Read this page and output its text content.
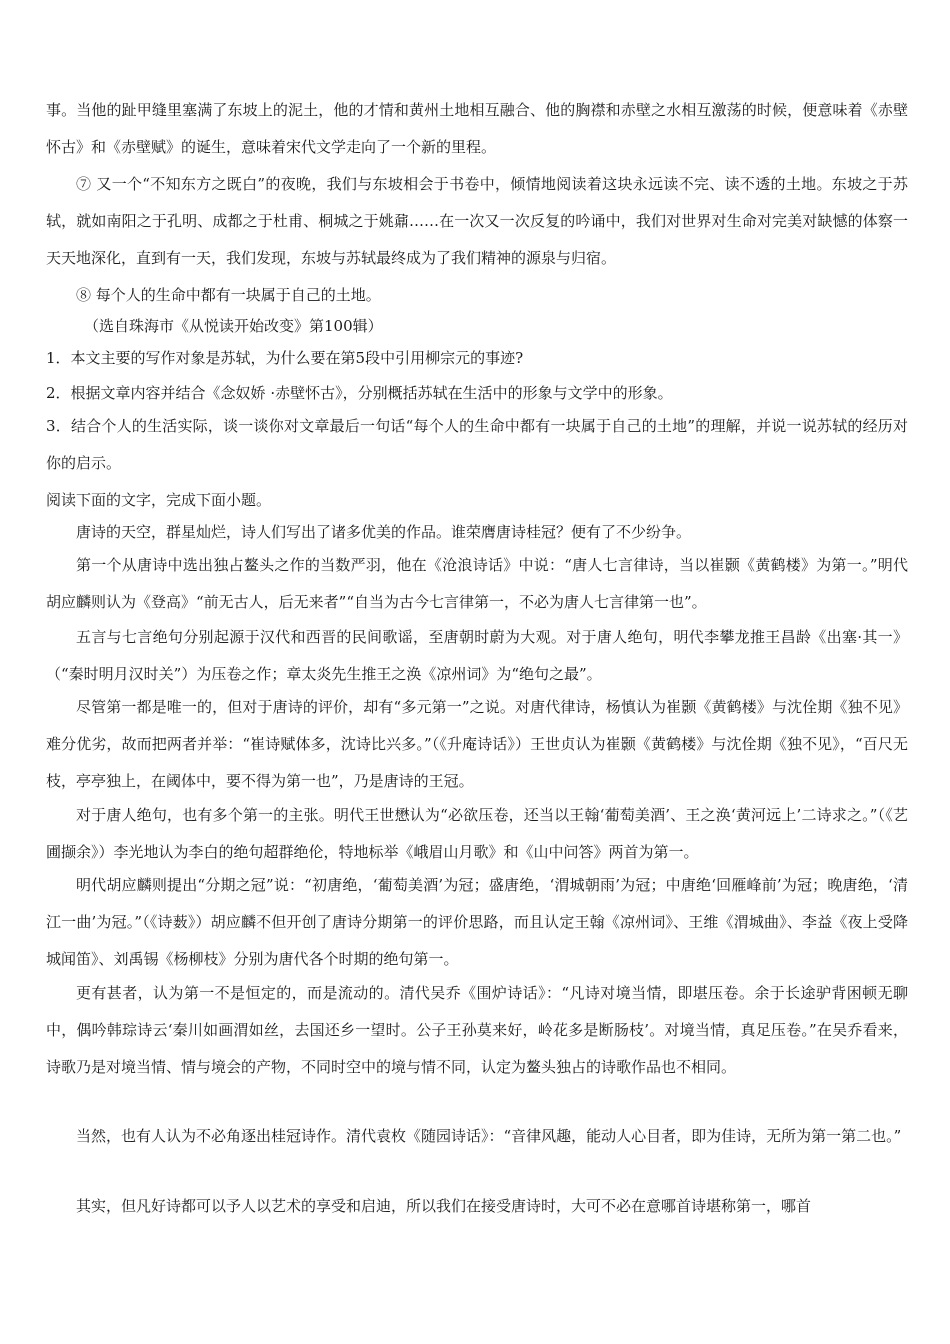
事。当他的趾甲缝里塞满了东坡上的泥土，他的才情和黄州土地相互融合、他的胸襟和赤壁之水相互激荡的时候，便意味着《赤壁怀古》和《赤壁赋》的诞生，意味着宋代文学走向了一个新的里程。

⑦ 又一个“不知东方之既白”的夜晚，我们与东坡相会于书卷中，倾情地阅读着这块永远读不完、读不透的土地。东坡之于苏轼，就如南阳之于孔明、成都之于杜甫、桐城之于姚鼐……在一次又一次反复的吟诵中，我们对世界对生命对完美对缺憾的体察一天天地深化，直到有一天，我们发现，东坡与苏轼最终成为了我们精神的源泉与归宿。

⑧ 每个人的生命中都有一块属于自己的土地。

（选自珠海市《从悦读开始改变》第100辑）

1．本文主要的写作对象是苏轼，为什么要在第5段中引用柳宗元的事迹?

2．根据文章内容并结合《念奴娇 ·赤壁怀古》，分别概括苏轼在生活中的形象与文学中的形象。

3．结合个人的生活实际，谈一谈你对文章最后一句话“每个人的生命中都有一块属于自己的土地”的理解，并说一说苏轼的经历对你的启示。

阅读下面的文字，完成下面小题。

唐诗的天空，群星灿烂，诗人们写出了诸多优美的作品。谁荣膺唐诗桂冠？便有了不少纷争。

第一个从唐诗中选出独占鳌头之作的当数严羽，他在《沧浪诗话》中说：“唐人七言律诗，当以崔颢《黄鹤楼》为第一。”明代胡应麟则认为《登高》“前无古人，后无来者”“自当为古今七言律第一，不必为唐人七言律第一也”。

五言与七言绝句分别起源于汉代和西晋的民间歌谣，至唐朝时蔚为大观。对于唐人绝句，明代李攀龙推王昌龄《出塞·其一》（“秦时明月汉时关”）为压卷之作；章太炎先生推王之涣《凉州词》为“绝句之最”。

尽管第一都是唯一的，但对于唐诗的评价，却有“多元第一”之说。对唐代律诗，杨慎认为崔颢《黄鹤楼》与沈佺期《独不见》难分优劣，故而把两者并举：“崔诗赋体多，沈诗比兴多。”（《升庵诗话》）王世贞认为崔颢《黄鹤楼》与沈佺期《独不见》，“百尺无枝，亭亭独上，在阈体中，要不得为第一也”，乃是唐诗的王冠。

对于唐人绝句，也有多个第一的主张。明代王世懋认为“必欲压卷，还当以王翰‘葡萄美酒’、王之涣‘黄河远上’二诗求之。”（《艺圃撷余》）李光地认为李白的绝句超群绝伦，特地标举《峨眉山月歌》和《山中问答》两首为第一。

明代胡应麟则提出“分期之冠”说：“初唐绝，‘葡萄美酒’为冠；盛唐绝，‘渭城朝雨’为冠；中唐绝‘回雁峰前’为冠；晚唐绝，‘清江一曲’为冠。”（《诗薮》）胡应麟不但开创了唐诗分期第一的评价思路，而且认定王翰《凉州词》、王维《渭城曲》、李益《夜上受降城闻笛》、刘禹锡《杨柳枝》分别为唐代各个时期的绝句第一。

更有甚者，认为第一不是恒定的，而是流动的。清代吴乔《围炉诗话》：“凡诗对境当情，即堪压卷。余于长途驴背困顿无聊中，偶吟韩琮诗云‘秦川如画渭如丝，去国还乡一望时。公子王孙莫来好，岭花多是断肠枝’。对境当情，真足压卷。”在吴乔看来，诗歌乃是对境当情、情与境会的产物，不同时空中的境与情不同，认定为鳌头独占的诗歌作品也不相同。

当然，也有人认为不必角逐出桂冠诗作。清代袁枚《随园诗话》：“音律风趣，能动人心目者，即为佳诗，无所为第一第二也。”

其实，但凡好诗都可以予人以艺术的享受和启迪，所以我们在接受唐诗时，大可不必在意哪首诗堪称第一，哪首
